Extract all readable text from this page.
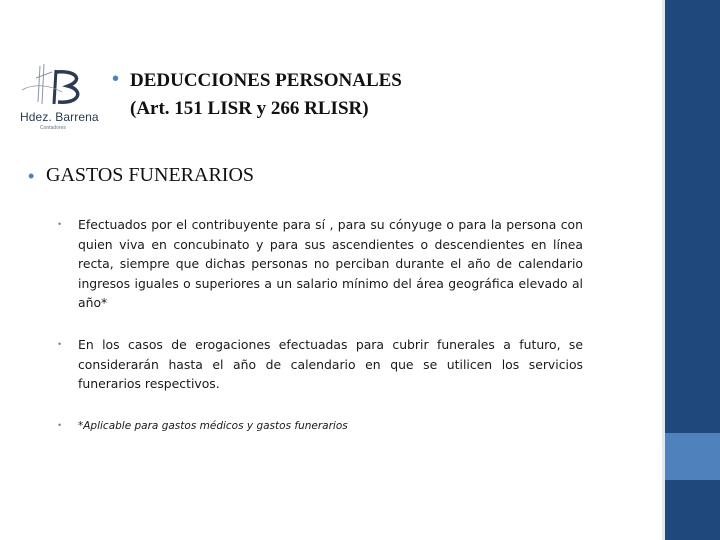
Hdez. Barrena
Contadores
• DEDUCCIONES PERSONALES
(Art. 151 LISR y 266 RLISR)
• GASTOS FUNERARIOS
• Efectuados por el contribuyente para sí , para su cónyuge o para la persona con quien viva en concubinato y para sus ascendientes o descendientes en línea recta, siempre que dichas personas no perciban durante el año de calendario ingresos iguales o superiores a un salario mínimo del área geográfica elevado al año*
• En los casos de erogaciones efectuadas para cubrir funerales a futuro, se considerarán hasta el año de calendario en que se utilicen los servicios funerarios respectivos.
• *Aplicable para gastos médicos y gastos funerarios
